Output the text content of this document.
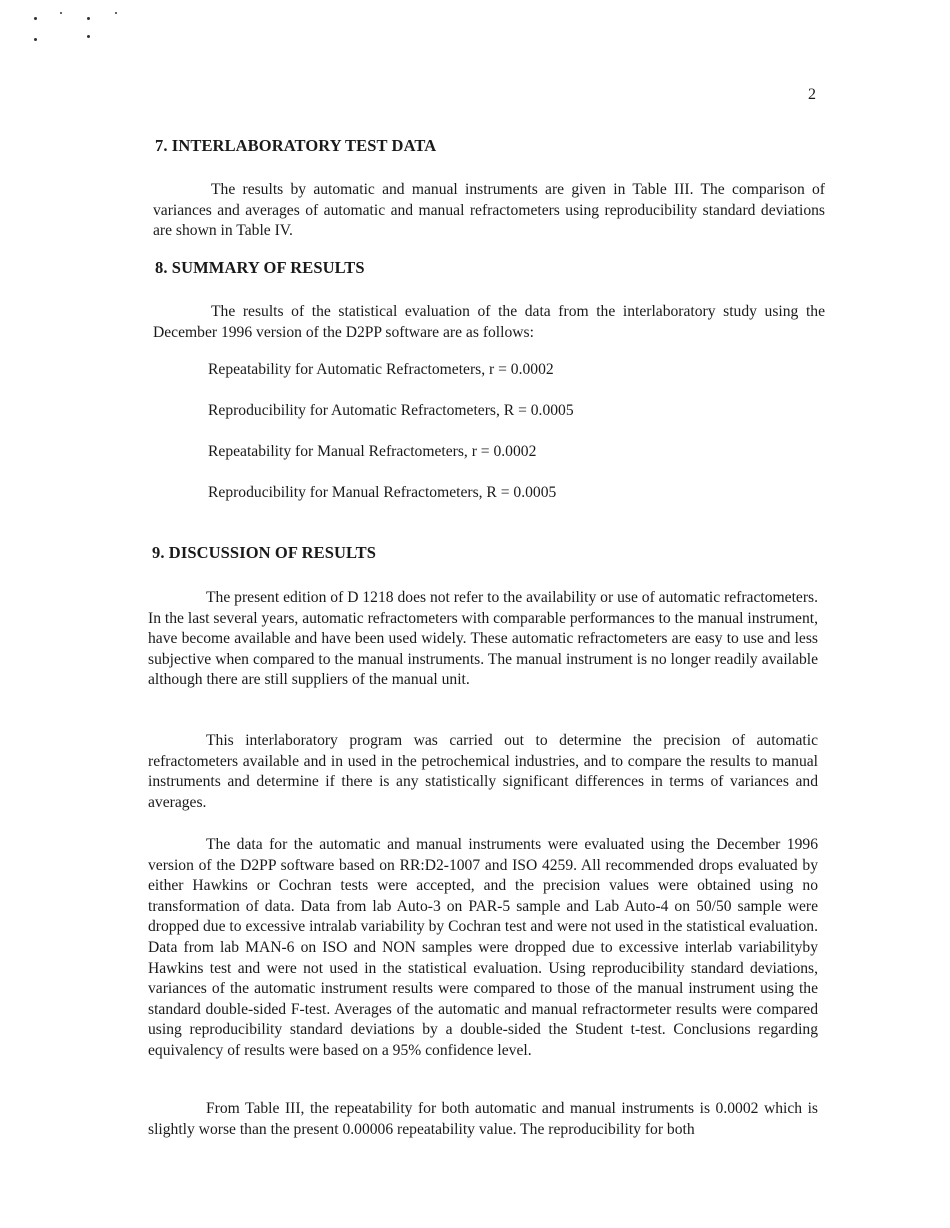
2
7. INTERLABORATORY TEST DATA

The results by automatic and manual instruments are given in Table III. The comparison of variances and averages of automatic and manual refractometers using reproducibility standard deviations are shown in Table IV.

8. SUMMARY OF RESULTS

The results of the statistical evaluation of the data from the interlaboratory study using the December 1996 version of the D2PP software are as follows:

Repeatability for Automatic Refractometers, r = 0.0002
Reproducibility for Automatic Refractometers, R = 0.0005
Repeatability for Manual Refractometers, r = 0.0002
Reproducibility for Manual Refractometers, R = 0.0005
9. DISCUSSION OF RESULTS

The present edition of D 1218 does not refer to the availability or use of automatic refractometers. In the last several years, automatic refractometers with comparable performances to the manual instrument, have become available and have been used widely. These automatic refractometers are easy to use and less subjective when compared to the manual instruments. The manual instrument is no longer readily available although there are still suppliers of the manual unit.

This interlaboratory program was carried out to determine the precision of automatic refractometers available and in used in the petrochemical industries, and to compare the results to manual instruments and determine if there is any statistically significant differences in terms of variances and averages.

The data for the automatic and manual instruments were evaluated using the December 1996 version of the D2PP software based on RR:D2-1007 and ISO 4259. All recommended drops evaluated by either Hawkins or Cochran tests were accepted, and the precision values were obtained using no transformation of data. Data from lab Auto-3 on PAR-5 sample and Lab Auto-4 on 50/50 sample were dropped due to excessive intralab variability by Cochran test and were not used in the statistical evaluation. Data from lab MAN-6 on ISO and NON samples were dropped due to excessive interlab variabilityby Hawkins test and were not used in the statistical evaluation. Using reproducibility standard deviations, variances of the automatic instrument results were compared to those of the manual instrument using the standard double-sided F-test. Averages of the automatic and manual refractormeter results were compared using reproducibility standard deviations by a double-sided the Student t-test. Conclusions regarding equivalency of results were based on a 95% confidence level.

From Table III, the repeatability for both automatic and manual instruments is 0.0002 which is slightly worse than the present 0.00006 repeatability value. The reproducibility for both
